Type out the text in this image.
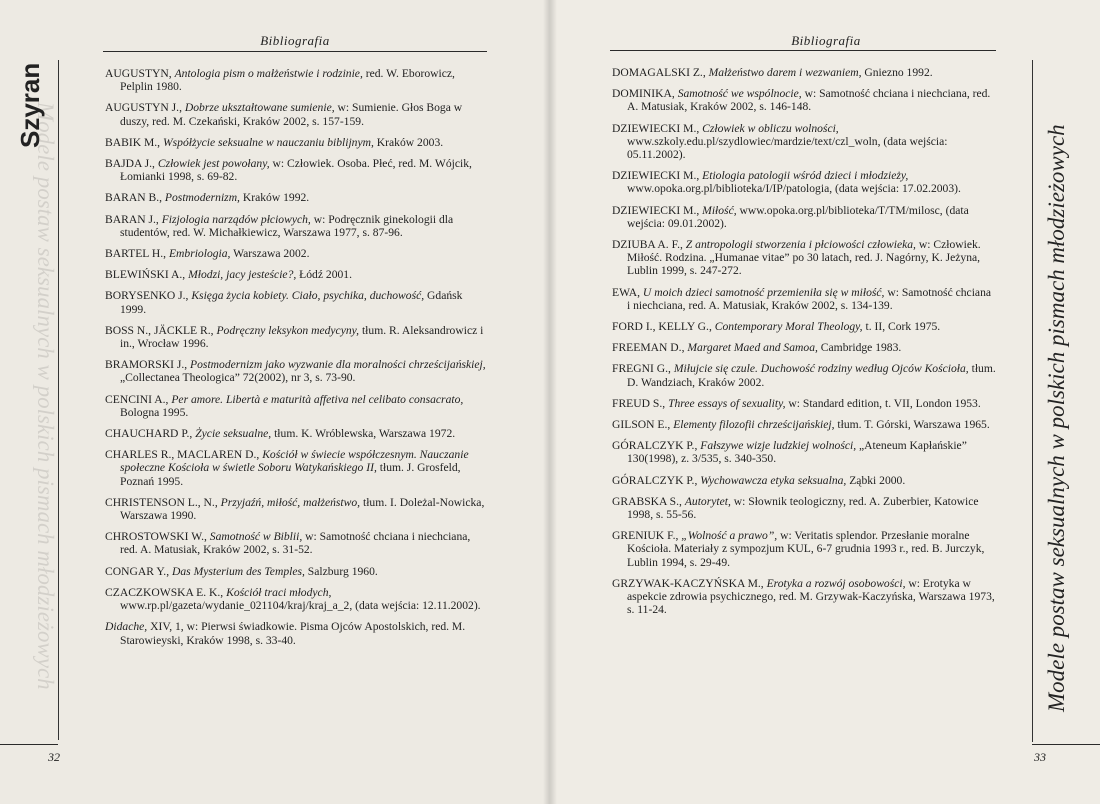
Bibliografia
Modele postaw seksualnych w polskich pismach młodzieżowych
Szyran	AUGUSTYN, Antologia pism o małżeństwie i rodzinie, red. W. Eborowicz, Pelplin 1980.

AUGUSTYN J., Dobrze ukształtowane sumienie, w: Sumienie. Głos Boga w duszy, red. M. Czekański, Kraków 2002, s. 157-159.

BABIK M., Współżycie seksualne w nauczaniu biblijnym, Kraków 2003.

BAJDA J., Człowiek jest powołany, w: Człowiek. Osoba. Płeć, red. M. Wójcik, Łomianki 1998, s. 69-82.

BARAN B., Postmodernizm, Kraków 1992.

BARAN J., Fizjologia narządów płciowych, w: Podręcznik ginekologii dla studentów, red. W. Michałkiewicz, Warszawa 1977, s. 87-96.

BARTEL H., Embriologia, Warszawa 2002.

BLEWIŃSKI A., Młodzi, jacy jesteście?, Łódź 2001.

BORYSENKO J., Księga życia kobiety. Ciało, psychika, duchowość, Gdańsk 1999.

BOSS N., JÄCKLE R., Podręczny leksykon medycyny, tłum. R. Aleksandrowicz i in., Wrocław 1996.

BRAMORSKI J., Postmodernizm jako wyzwanie dla moralności chrześcijańskiej, „Collectanea Theologica” 72(2002), nr 3, s. 73-90.

CENCINI A., Per amore. Libertà e maturità affetiva nel celibato consacrato, Bologna 1995.

CHAUCHARD P., Życie seksualne, tłum. K. Wróblewska, Warszawa 1972.

CHARLES R., MACLAREN D., Kościół w świecie współczesnym. Nauczanie społeczne Kościoła w świetle Soboru Watykańskiego II, tłum. J. Grosfeld, Poznań 1995.

CHRISTENSON L., N., Przyjaźń, miłość, małżeństwo, tłum. I. Doleżal-Nowicka, Warszawa 1990.

CHROSTOWSKI W., Samotność w Biblii, w: Samotność chciana i niechciana, red. A. Matusiak, Kraków 2002, s. 31-52.

CONGAR Y., Das Mysterium des Temples, Salzburg 1960.

CZACZKOWSKA E. K., Kościół traci młodych, www.rp.pl/gazeta/wydanie_021104/kraj/kraj_a_2, (data wejścia: 12.11.2002).

Didache, XIV, 1, w: Pierwsi świadkowie. Pisma Ojców Apostolskich, red. M. Starowieyski, Kraków 1998, s. 33-40.

32
Bibliografia

DOMAGALSKI Z., Małżeństwo darem i wezwaniem, Gniezno 1992.

DOMINIKA, Samotność we wspólnocie, w: Samotność chciana i niechciana, red. A. Matusiak, Kraków 2002, s. 146-148.

DZIEWIECKI M., Człowiek w obliczu wolności, www.szkoly.edu.pl/szydlowiec/mardzie/text/czl_woln, (data wejścia: 05.11.2002).

DZIEWIECKI M., Etiologia patologii wśród dzieci i młodzieży, www.opoka.org.pl/biblioteka/I/IP/patologia, (data wejścia: 17.02.2003).

DZIEWIECKI M., Miłość, www.opoka.org.pl/biblioteka/T/TM/milosc, (data wejścia: 09.01.2002).

DZIUBA A. F., Z antropologii stworzenia i płciowości człowieka, w: Człowiek. Miłość. Rodzina. „Humanae vitae” po 30 latach, red. J. Nagórny, K. Jeżyna, Lublin 1999, s. 247-272.

EWA, U moich dzieci samotność przemieniła się w miłość, w: Samotność chciana i niechciana, red. A. Matusiak, Kraków 2002, s. 134-139.

FORD I., KELLY G., Contemporary Moral Theology, t. II, Cork 1975.

FREEMAN D., Margaret Maed and Samoa, Cambridge 1983.

FREGNI G., Miłujcie się czule. Duchowość rodziny według Ojców Kościoła, tłum. D. Wandziach, Kraków 2002.

FREUD S., Three essays of sexuality, w: Standard edition, t. VII, London 1953.

GILSON E., Elementy filozofii chrześcijańskiej, tłum. T. Górski, Warszawa 1965.

GÓRALCZYK P., Fałszywe wizje ludzkiej wolności, „Ateneum Kapłańskie” 130(1998), z. 3/535, s. 340-350.

GÓRALCZYK P., Wychowawcza etyka seksualna, Ząbki 2000.

GRABSKA S., Autorytet, w: Słownik teologiczny, red. A. Zuberbier, Katowice 1998, s. 55-56.

GRENIUK F., „Wolność a prawo”, w: Veritatis splendor. Przesłanie moralne Kościoła. Materiały z sympozjum KUL, 6-7 grudnia 1993 r., red. B. Jurczyk, Lublin 1994, s. 29-49.

GRZYWAK-KACZYŃSKA M., Erotyka a rozwój osobowości, w: Erotyka w aspekcie zdrowia psychicznego, red. M. Grzywak-Kaczyńska, Warszawa 1973, s. 11-24.	Modele postaw seksualnych w polskich pismach młodzieżowych
33
